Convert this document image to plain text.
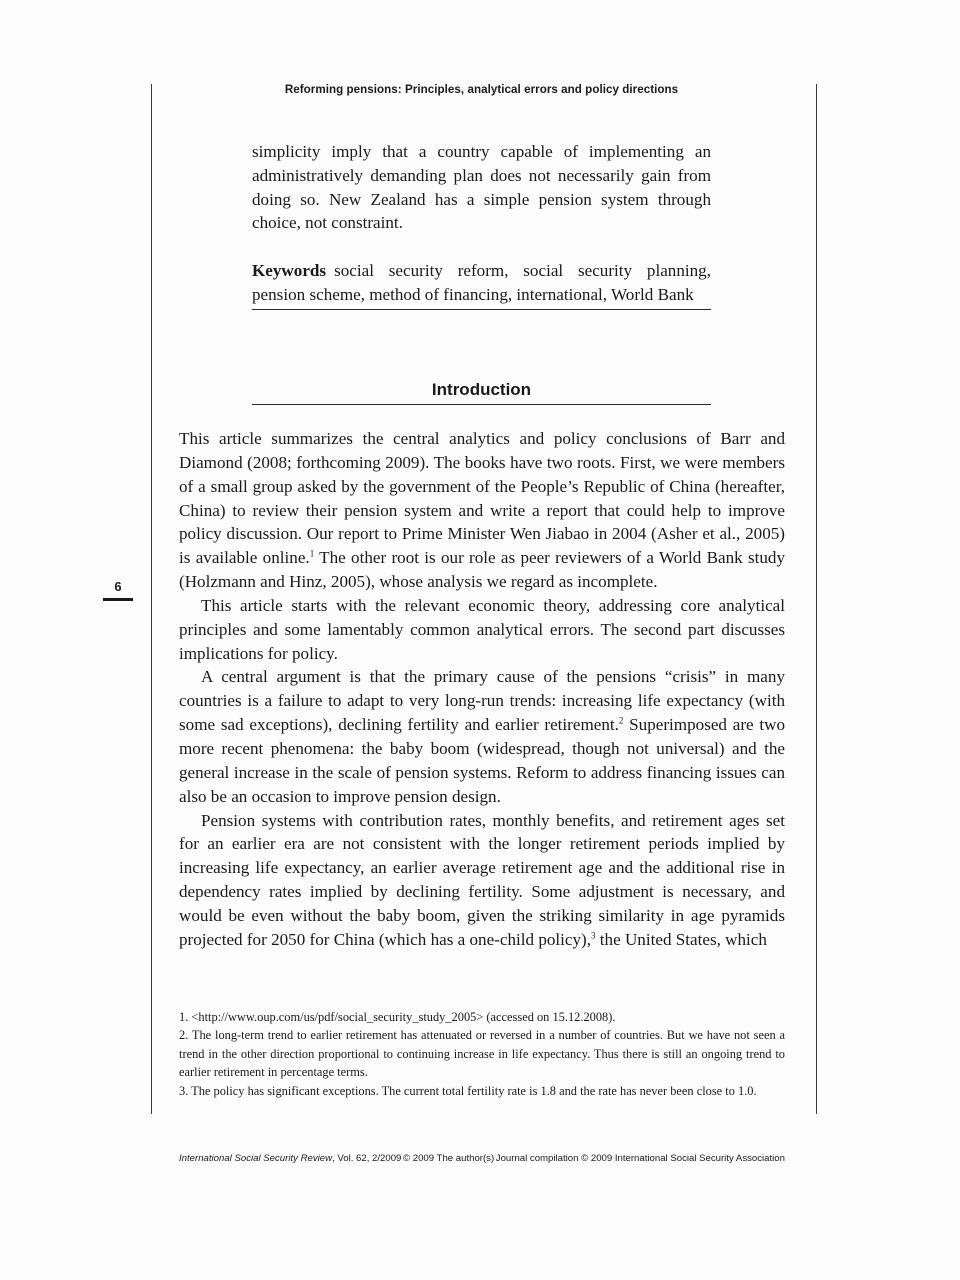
Reforming pensions: Principles, analytical errors and policy directions

simplicity imply that a country capable of implementing an administratively demanding plan does not necessarily gain from doing so. New Zealand has a simple pension system through choice, not constraint.

Keywords social security reform, social security planning, pension scheme, method of financing, international, World Bank

Introduction

This article summarizes the central analytics and policy conclusions of Barr and Diamond (2008; forthcoming 2009). The books have two roots. First, we were members of a small group asked by the government of the People’s Republic of China (hereafter, China) to review their pension system and write a report that could help to improve policy discussion. Our report to Prime Minister Wen Jiabao in 2004 (Asher et al., 2005) is available online.$^1$ The other root is our role as peer reviewers of a World Bank study (Holzmann and Hinz, 2005), whose analysis we regard as incomplete.

This article starts with the relevant economic theory, addressing core analytical principles and some lamentably common analytical errors. The second part discusses implications for policy.

A central argument is that the primary cause of the pensions “crisis” in many countries is a failure to adapt to very long-run trends: increasing life expectancy (with some sad exceptions), declining fertility and earlier retirement.$^2$ Superimposed are two more recent phenomena: the baby boom (widespread, though not universal) and the general increase in the scale of pension systems. Reform to address financing issues can also be an occasion to improve pension design.

Pension systems with contribution rates, monthly benefits, and retirement ages set for an earlier era are not consistent with the longer retirement periods implied by increasing life expectancy, an earlier average retirement age and the additional rise in dependency rates implied by declining fertility. Some adjustment is necessary, and would be even without the baby boom, given the striking similarity in age pyramids projected for 2050 for China (which has a one-child policy),$^3$ the United States, which

6

1. <http://www.oup.com/us/pdf/social_security_study_2005> (accessed on 15.12.2008).

2. The long-term trend to earlier retirement has attenuated or reversed in a number of countries. But we have not seen a trend in the other direction proportional to continuing increase in life expectancy. Thus there is still an ongoing trend to earlier retirement in percentage terms.

3. The policy has significant exceptions. The current total fertility rate is 1.8 and the rate has never been close to 1.0.

International Social Security Review, Vol. 62, 2/2009 © 2009 The author(s) Journal compilation © 2009 International Social Security Association
